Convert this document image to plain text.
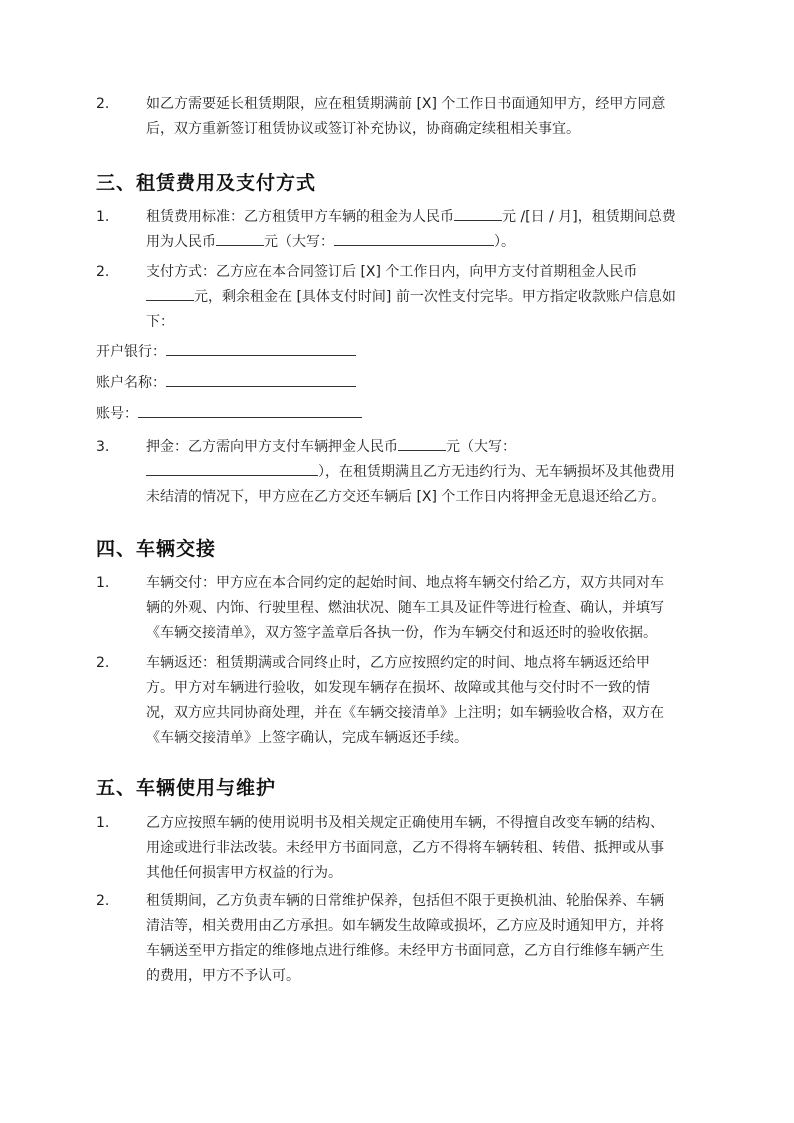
2.	如乙方需要延长租赁期限，应在租赁期满前 [X] 个工作日书面通知甲方，经甲方同意
后，双方重新签订租赁协议或签订补充协议，协商确定续租相关事宜。
三、租赁费用及支付方式
1.	租赁费用标准：乙方租赁甲方车辆的租金为人民币	元 /[日 / 月]，租赁期间总费
用为人民币	元（大写：	）。
2.	支付方式：乙方应在本合同签订后 [X] 个工作日内，向甲方支付首期租金人民币
元，剩余租金在 [具体支付时间] 前一次性支付完毕。甲方指定收款账户信息如
下：
开户银行：
账户名称：
账号：
3.	押金：乙方需向甲方支付车辆押金人民币	元（大写：
），在租赁期满且乙方无违约行为、无车辆损坏及其他费用
未结清的情况下，甲方应在乙方交还车辆后 [X] 个工作日内将押金无息退还给乙方。
四、车辆交接
1.	车辆交付：甲方应在本合同约定的起始时间、地点将车辆交付给乙方，双方共同对车
辆的外观、内饰、行驶里程、燃油状况、随车工具及证件等进行检查、确认，并填写
《车辆交接清单》，双方签字盖章后各执一份，作为车辆交付和返还时的验收依据。
2.	车辆返还：租赁期满或合同终止时，乙方应按照约定的时间、地点将车辆返还给甲
方。甲方对车辆进行验收，如发现车辆存在损坏、故障或其他与交付时不一致的情
况，双方应共同协商处理，并在《车辆交接清单》上注明；如车辆验收合格，双方在
《车辆交接清单》上签字确认，完成车辆返还手续。
五、车辆使用与维护
1.	乙方应按照车辆的使用说明书及相关规定正确使用车辆，不得擅自改变车辆的结构、
用途或进行非法改装。未经甲方书面同意，乙方不得将车辆转租、转借、抵押或从事
其他任何损害甲方权益的行为。
2.	租赁期间，乙方负责车辆的日常维护保养，包括但不限于更换机油、轮胎保养、车辆
清洁等，相关费用由乙方承担。如车辆发生故障或损坏，乙方应及时通知甲方，并将
车辆送至甲方指定的维修地点进行维修。未经甲方书面同意，乙方自行维修车辆产生
的费用，甲方不予认可。
